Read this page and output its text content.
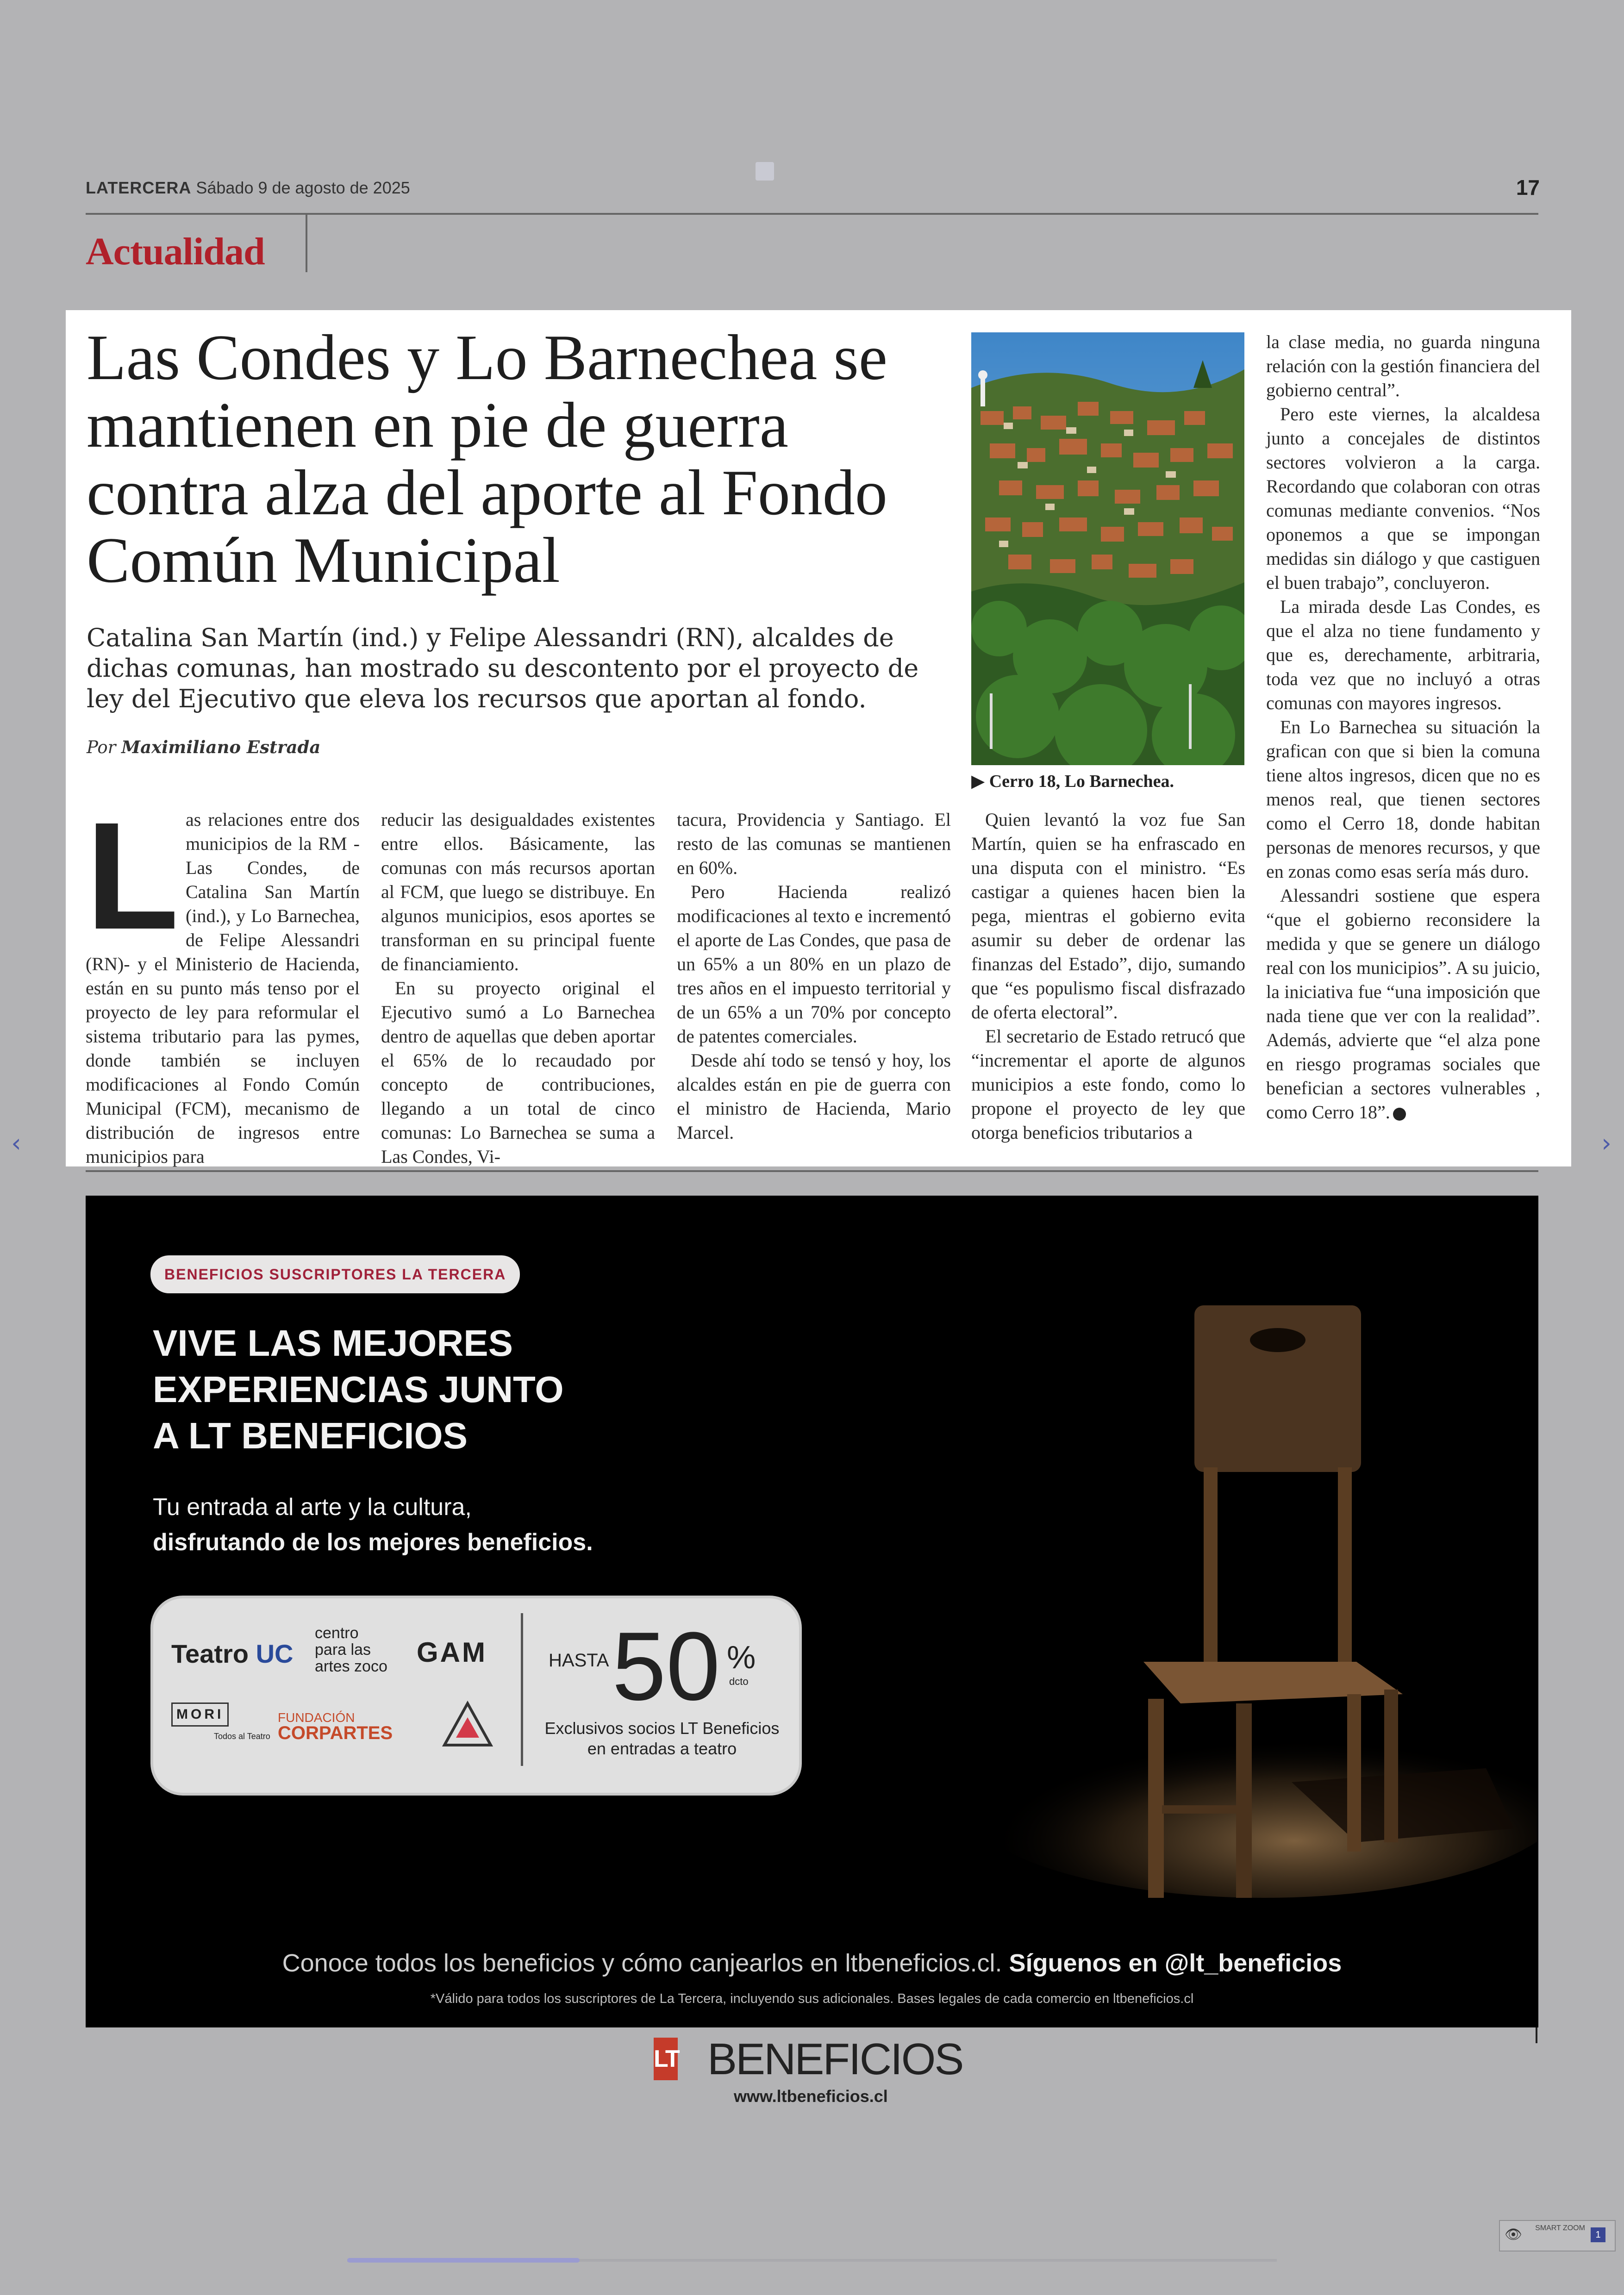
LATERCERA Sábado 9 de agosto de 2025	17
Actualidad
Las Condes y Lo Barnechea se mantienen en pie de guerra contra alza del aporte al Fondo Común Municipal
Catalina San Martín (ind.) y Felipe Alessandri (RN), alcaldes de dichas comunas, han mostrado su descontento por el proyecto de ley del Ejecutivo que eleva los recursos que aportan al fondo.
Por Maximiliano Estrada
L as relaciones entre dos municipios de la RM -Las Condes, de Catalina San Martín (ind.), y Lo Barnechea, de Felipe Alessandri (RN)- y el Ministerio de Hacienda, están en su punto más tenso por el proyecto de ley para reformular el sistema tributario para las pymes, donde también se incluyen modificaciones al Fondo Común Municipal (FCM), mecanismo de distribución de ingresos entre municipios para

reducir las desigualdades existentes entre ellos. Básicamente, las comunas con más recursos aportan al FCM, que luego se distribuye. En algunos municipios, esos aportes se transforman en su principal fuente de financiamiento.

En su proyecto original el Ejecutivo sumó a Lo Barnechea dentro de aquellas que deben aportar el 65% de lo recaudado por concepto de contribuciones, llegando a un total de cinco comunas: Lo Barnechea se suma a Las Condes, Vi-

tacura, Providencia y Santiago. El resto de las comunas se mantienen en 60%.

Pero Hacienda realizó modificaciones al texto e incrementó el aporte de Las Condes, que pasa de un 65% a un 80% en un plazo de tres años en el impuesto territorial y de un 65% a un 70% por concepto de patentes comerciales.

Desde ahí todo se tensó y hoy, los alcaldes están en pie de guerra con el ministro de Hacienda, Mario Marcel.

Quien levantó la voz fue San Martín, quien se ha enfrascado en una disputa con el ministro. “Es castigar a quienes hacen bien la pega, mientras el gobierno evita asumir su deber de ordenar las finanzas del Estado”, dijo, sumando que “es populismo fiscal disfrazado de oferta electoral”.

El secretario de Estado retrucó que “incrementar el aporte de algunos municipios a este fondo, como lo propone el proyecto de ley que otorga beneficios tributarios a

la clase media, no guarda ninguna relación con la gestión financiera del gobierno central”.

Pero este viernes, la alcaldesa junto a concejales de distintos sectores volvieron a la carga. Recordando que colaboran con otras comunas mediante convenios. “Nos oponemos a que se impongan medidas sin diálogo y que castiguen el buen trabajo”, concluyeron.

La mirada desde Las Condes, es que el alza no tiene fundamento y que es, derechamente, arbitraria, toda vez que no incluyó a otras comunas con mayores ingresos.

En Lo Barnechea su situación la grafican con que si bien la comuna tiene altos ingresos, dicen que no es menos real, que tienen sectores como el Cerro 18, donde habitan personas de menores recursos, y que en zonas como esas sería más duro.

Alessandri sostiene que espera “que el gobierno reconsidere la medida y que se genere un diálogo real con los municipios”. A su juicio, la iniciativa fue “una imposición que nada tiene que ver con la realidad”. Además, advierte que “el alza pone en riesgo programas sociales que benefician a sectores vulnerables , como Cerro 18”.

▶ Cerro 18, Lo Barnechea.
BENEFICIOS SUSCRIPTORES LA TERCERA
VIVE LAS MEJORES
EXPERIENCIAS JUNTO
A LT BENEFICIOS
Tu entrada al arte y la cultura,
disfrutando de los mejores beneficios.
Teatro UC
centro
para las
artes zoco GAM
MORI
Todos al Teatro
FUNDACIÓN
CORPARTES
HASTA 50 %
dcto
Exclusivos socios LT Beneficios en entradas a teatro
Conoce todos los beneficios y cómo canjearlos en ltbeneficios.cl. Síguenos en @lt_beneficios
*Válido para todos los suscriptores de La Tercera, incluyendo sus adicionales. Bases legales de cada comercio en ltbeneficios.cl
LT BENEFICIOS
www.ltbeneficios.cl
‹	›
👁 SMART ZOOM
1
